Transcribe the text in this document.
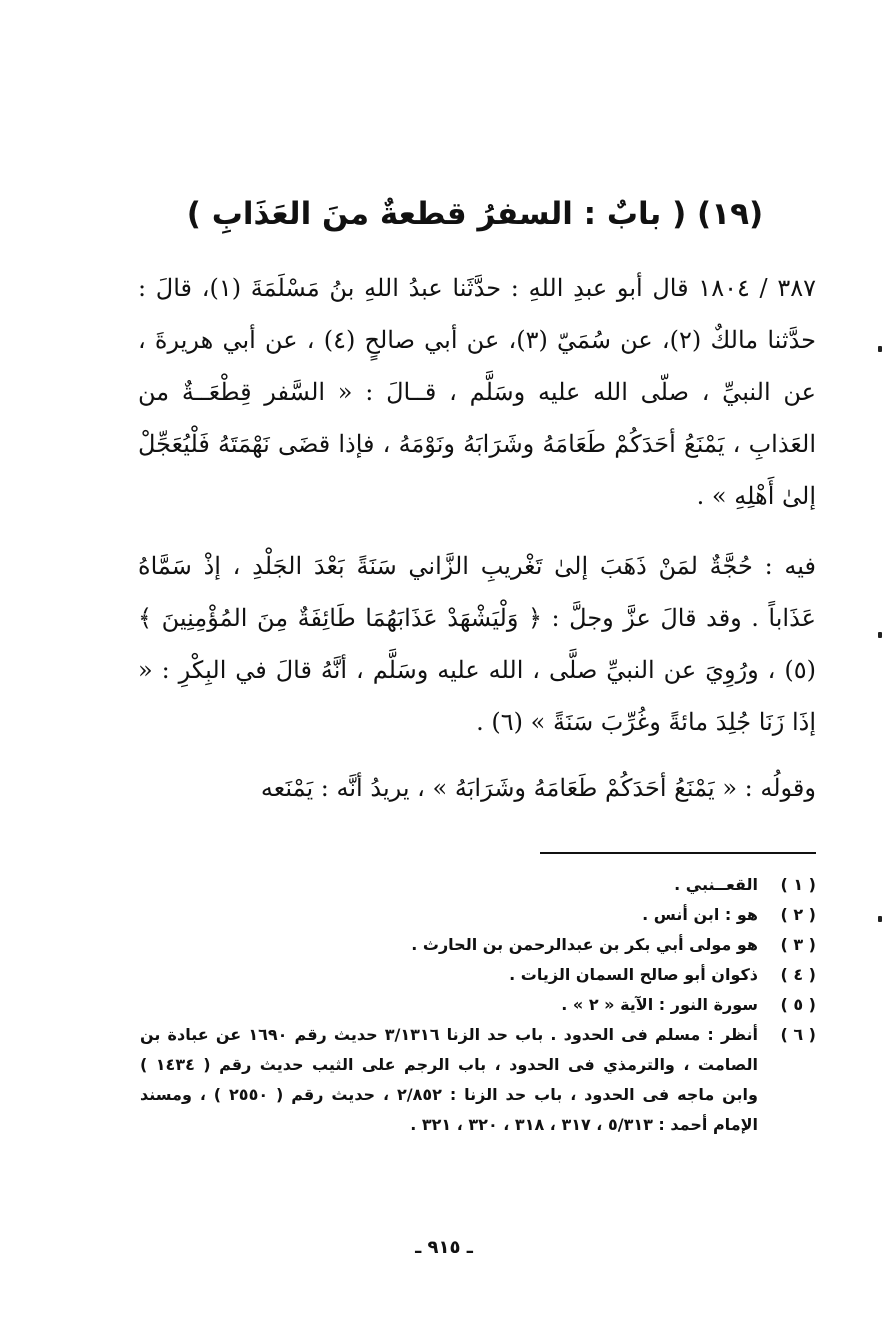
(١٩) ( بابٌ : السفرُ قطعةٌ منَ العَذَابِ )

٣٨٧ / ١٨٠٤ قال أبو عبدِ اللهِ : حدَّثَنا عبدُ اللهِ بنُ مَسْلَمَةَ (١)، قالَ : حدَّثنا مالكٌ (٢)، عن سُمَيّ (٣)، عن أبي صالحٍ (٤) ، عن أبي هريرةَ ، عن النبيِّ ، صلّى الله عليه وسَلَّم ، قــالَ : « السَّفر قِطْعَــةٌ من العَذابِ ، يَمْنَعُ أحَدَكُمْ طَعَامَهُ وشَرَابَهُ ونَوْمَهُ ، فإذا قضَى نَهْمَتَهُ فَلْيُعَجِّلْ إلىٰ أَهْلِهِ » .

فيه : حُجَّةٌ لمَنْ ذَهَبَ إلىٰ تَغْريبِ الزَّاني سَنَةً بَعْدَ الجَلْدِ ، إذْ سَمَّاهُ عَذَاباً . وقد قالَ عزَّ وجلَّ : ﴿ وَلْيَشْهَدْ عَذَابَهُمَا طَائِفَةٌ مِنَ المُؤْمِنِينَ ﴾ (٥) ، ورُوِيَ عن النبيِّ صلَّى ، الله عليه وسَلَّم ، أنَّهُ قالَ في البِكْرِ : « إذَا زَنَا جُلِدَ مائةً وغُرِّبَ سَنَةً » (٦) .

وقولُه : « يَمْنَعُ أحَدَكُمْ طَعَامَهُ وشَرَابَهُ » ، يريدُ أنَّه : يَمْنَعه

( ١ )
القعــنبي .
( ٢ )
هو : ابن أنس .
( ٣ )
هو مولى أبي بكر بن عبدالرحمن بن الحارث .
( ٤ )
ذكوان أبو صالح السمان الزيات .
( ٥ )
سورة النور : الآية « ٢ » .
( ٦ )
أنظر : مسلم فى الحدود . باب حد الزنا ٣/١٣١٦ حديث رقم ١٦٩٠ عن عبادة بن الصامت ، والترمذي فى الحدود ، باب الرجم على الثيب حديث رقم ( ١٤٣٤ ) وابن ماجه فى الحدود ، باب حد الزنا : ٢/٨٥٢ ، حديث رقم ( ٢٥٥٠ ) ، ومسند الإمام أحمد : ٥/٣١٣ ، ٣١٧ ، ٣١٨ ، ٣٢٠ ، ٣٢١ .
ـ ٩١٥ ـ
